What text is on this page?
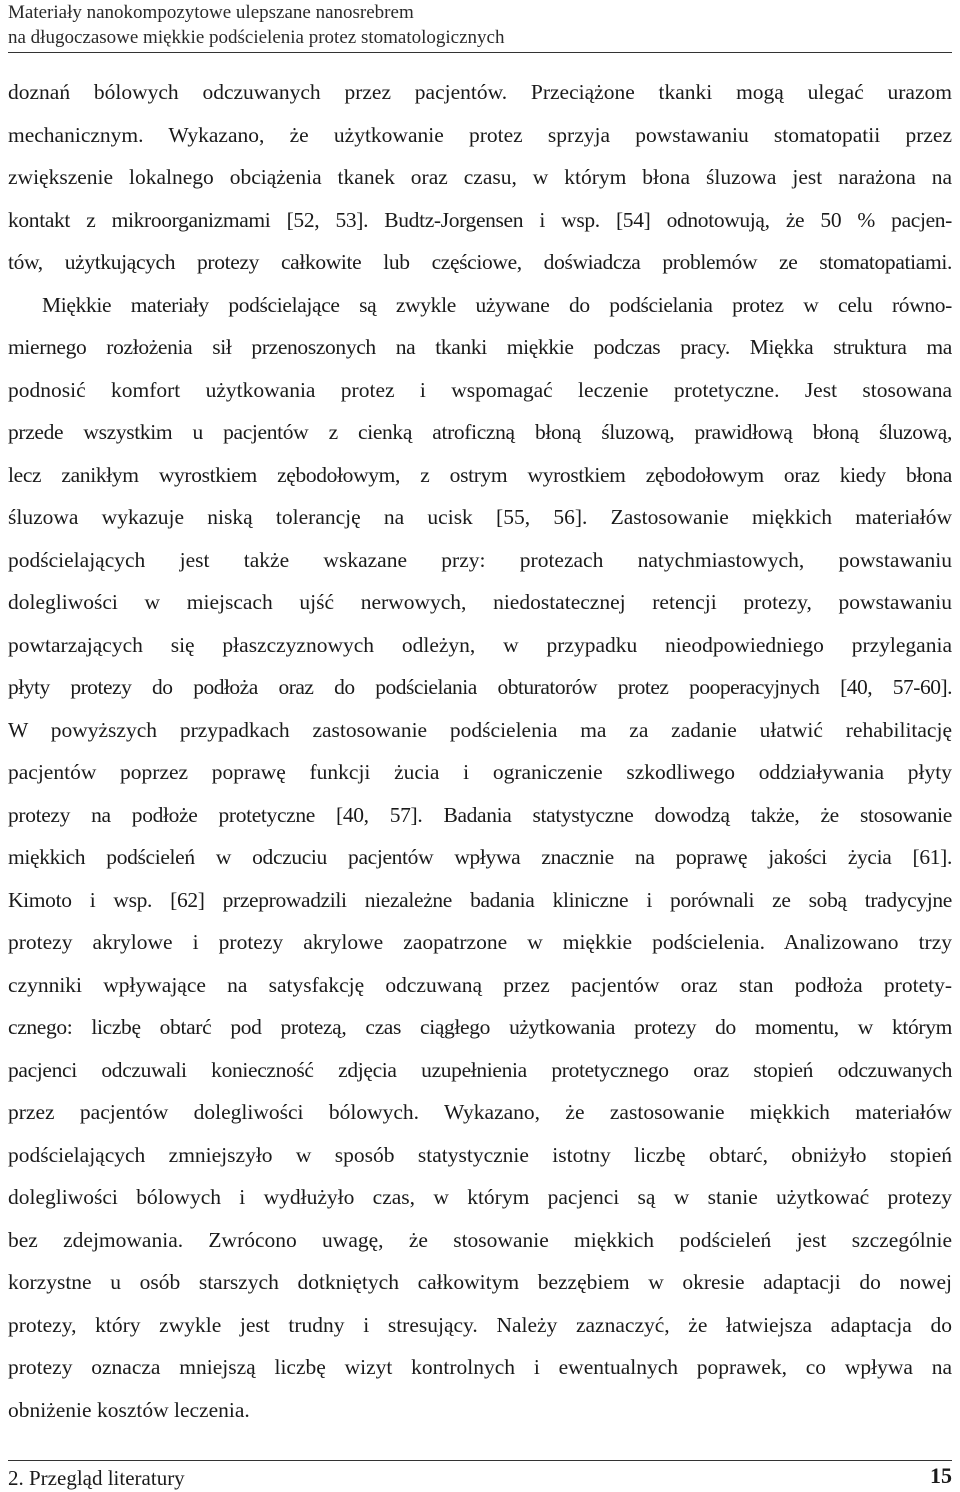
Materiały nanokompozytowe ulepszane nanosrebrem
na długoczasowe miękkie podścielenia protez stomatologicznych
doznań bólowych odczuwanych przez pacjentów. Przeciążone tkanki mogą ulegać urazom
mechanicznym. Wykazano, że użytkowanie protez sprzyja powstawaniu stomatopatii przez
zwiększenie lokalnego obciążenia tkanek oraz czasu, w którym błona śluzowa jest narażona na
kontakt z mikroorganizmami [52, 53]. Budtz-Jorgensen i wsp. [54] odnotowują, że 50 % pacjen-
tów, użytkujących protezy całkowite lub częściowe, doświadcza problemów ze stomatopatiami.
Miękkie materiały podścielające są zwykle używane do podścielania protez w celu równo-
miernego rozłożenia sił przenoszonych na tkanki miękkie podczas pracy. Miękka struktura ma
podnosić komfort użytkowania protez i wspomagać leczenie protetyczne. Jest stosowana
przede wszystkim u pacjentów z cienką atroficzną błoną śluzową, prawidłową błoną śluzową,
lecz zanikłym wyrostkiem zębodołowym, z ostrym wyrostkiem zębodołowym oraz kiedy błona
śluzowa wykazuje niską tolerancję na ucisk [55, 56]. Zastosowanie miękkich materiałów
podścielających jest także wskazane przy: protezach natychmiastowych, powstawaniu
dolegliwości w miejscach ujść nerwowych, niedostatecznej retencji protezy, powstawaniu
powtarzających się płaszczyznowych odleżyn, w przypadku nieodpowiedniego przylegania
płyty protezy do podłoża oraz do podścielania obturatorów protez pooperacyjnych [40, 57-60].
W powyższych przypadkach zastosowanie podścielenia ma za zadanie ułatwić rehabilitację
pacjentów poprzez poprawę funkcji żucia i ograniczenie szkodliwego oddziaływania płyty
protezy na podłoże protetyczne [40, 57]. Badania statystyczne dowodzą także, że stosowanie
miękkich podścieleń w odczuciu pacjentów wpływa znacznie na poprawę jakości życia [61].
Kimoto i wsp. [62] przeprowadzili niezależne badania kliniczne i porównali ze sobą tradycyjne
protezy akrylowe i protezy akrylowe zaopatrzone w miękkie podścielenia. Analizowano trzy
czynniki wpływające na satysfakcję odczuwaną przez pacjentów oraz stan podłoża protety-
cznego: liczbę obtarć pod protezą, czas ciągłego użytkowania protezy do momentu, w którym
pacjenci odczuwali konieczność zdjęcia uzupełnienia protetycznego oraz stopień odczuwanych
przez pacjentów dolegliwości bólowych. Wykazano, że zastosowanie miękkich materiałów
podścielających zmniejszyło w sposób statystycznie istotny liczbę obtarć, obniżyło stopień
dolegliwości bólowych i wydłużyło czas, w którym pacjenci są w stanie użytkować protezy
bez zdejmowania. Zwrócono uwagę, że stosowanie miękkich podścieleń jest szczególnie
korzystne u osób starszych dotkniętych całkowitym bezzębiem w okresie adaptacji do nowej
protezy, który zwykle jest trudny i stresujący. Należy zaznaczyć, że łatwiejsza adaptacja do
protezy oznacza mniejszą liczbę wizyt kontrolnych i ewentualnych poprawek, co wpływa na
obniżenie kosztów leczenia.
2. Przegląd literatury	15
